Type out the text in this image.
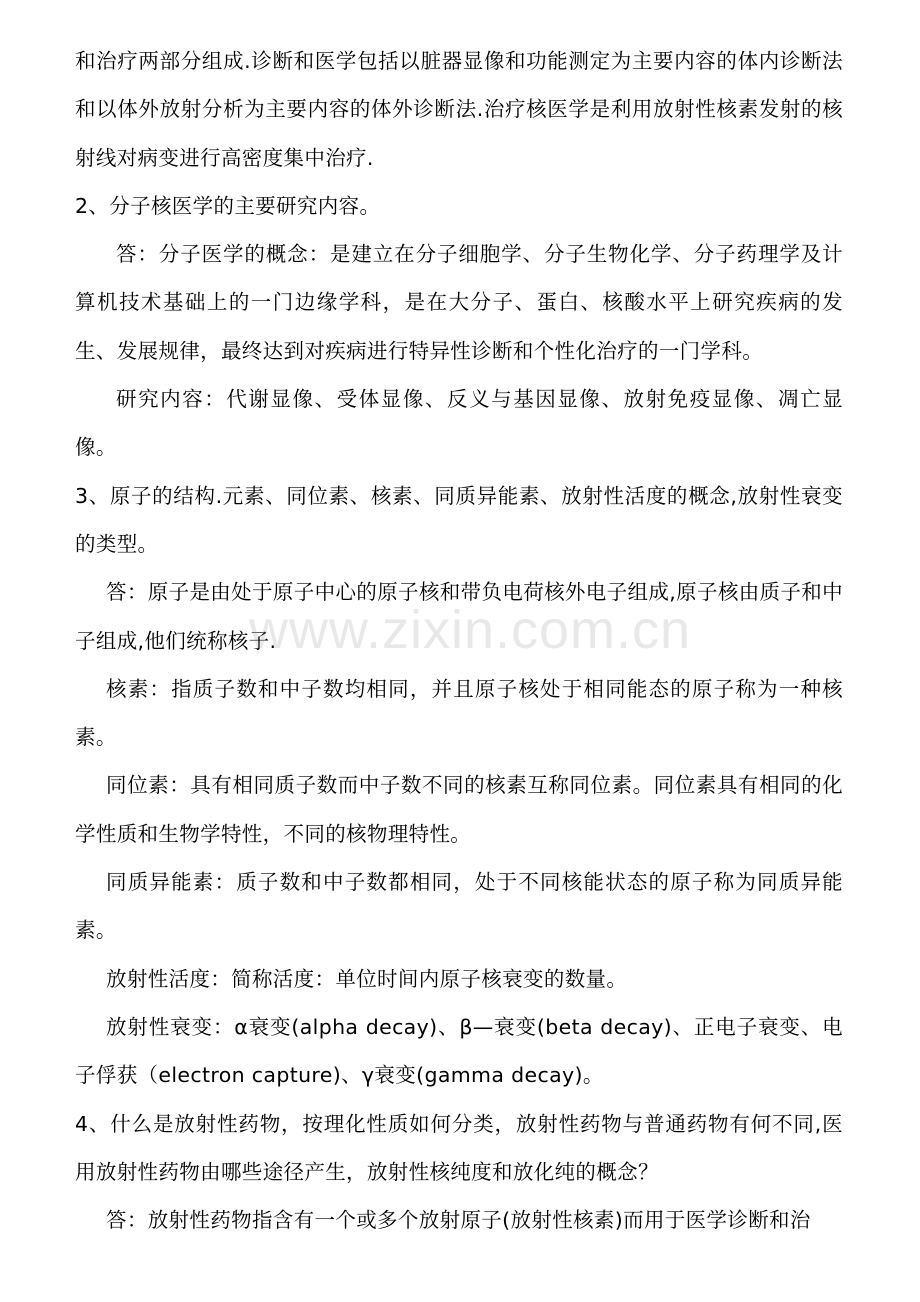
和治疗两部分组成.诊断和医学包括以脏器显像和功能测定为主要内容的体内诊断法和以体外放射分析为主要内容的体外诊断法.治疗核医学是利用放射性核素发射的核射线对病变进行高密度集中治疗.

2、分子核医学的主要研究内容。

答：分子医学的概念：是建立在分子细胞学、分子生物化学、分子药理学及计算机技术基础上的一门边缘学科，是在大分子、蛋白、核酸水平上研究疾病的发生、发展规律，最终达到对疾病进行特异性诊断和个性化治疗的一门学科。

研究内容：代谢显像、受体显像、反义与基因显像、放射免疫显像、凋亡显像。

3、原子的结构.元素、同位素、核素、同质异能素、放射性活度的概念,放射性衰变的类型。

答：原子是由处于原子中心的原子核和带负电荷核外电子组成,原子核由质子和中子组成,他们统称核子.

核素：指质子数和中子数均相同，并且原子核处于相同能态的原子称为一种核素。

同位素：具有相同质子数而中子数不同的核素互称同位素。同位素具有相同的化学性质和生物学特性，不同的核物理特性。

同质异能素：质子数和中子数都相同，处于不同核能状态的原子称为同质异能素。

放射性活度：简称活度：单位时间内原子核衰变的数量。

放射性衰变：α衰变(alpha decay)、β—衰变(beta decay)、正电子衰变、电子俘获（electron capture)、γ衰变(gamma decay)。

4、什么是放射性药物，按理化性质如何分类，放射性药物与普通药物有何不同,医用放射性药物由哪些途径产生，放射性核纯度和放化纯的概念？

答：放射性药物指含有一个或多个放射原子(放射性核素)而用于医学诊断和治

www.zixin.com.cn
